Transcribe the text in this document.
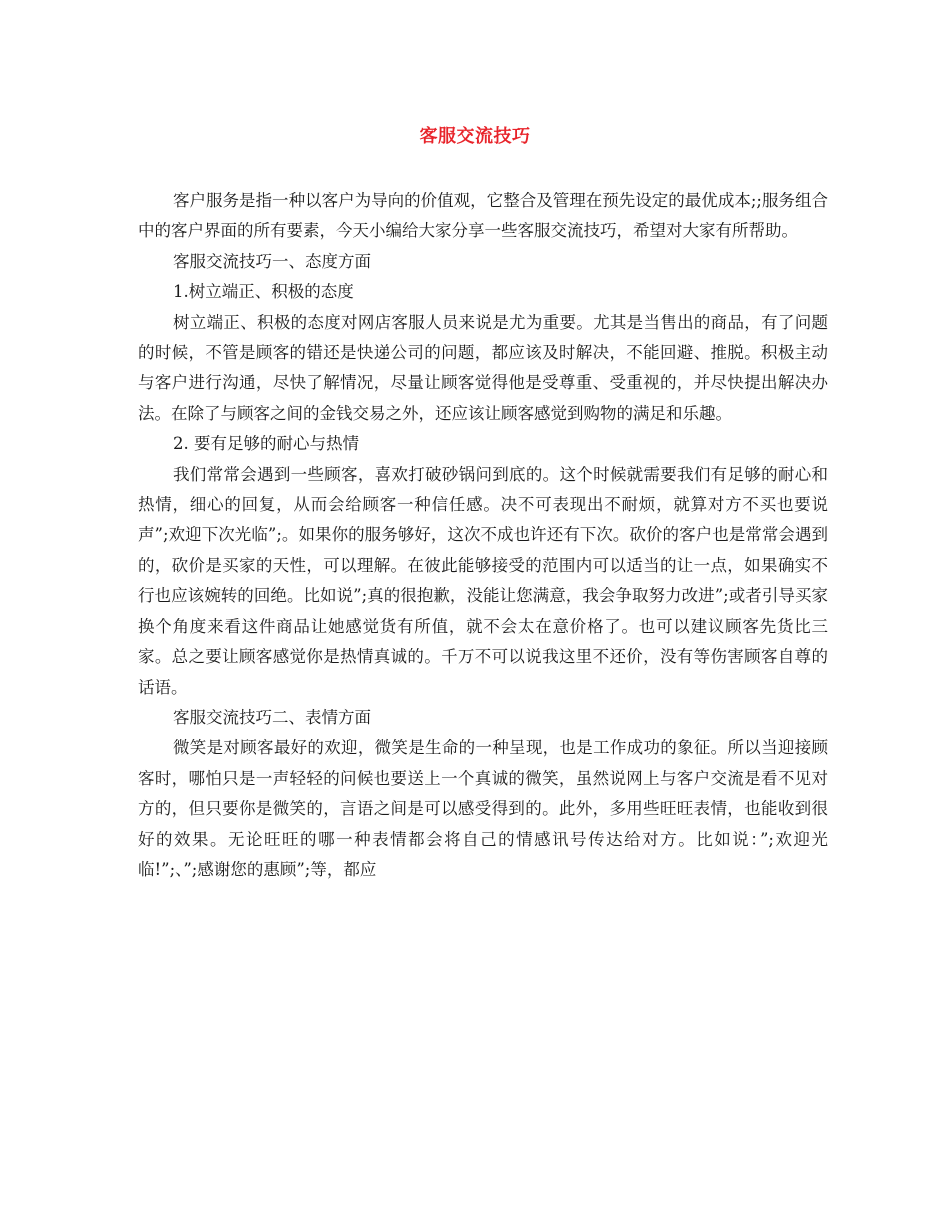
客服交流技巧

客户服务是指一种以客户为导向的价值观，它整合及管理在预先设定的最优成本;;服务组合中的客户界面的所有要素，今天小编给大家分享一些客服交流技巧，希望对大家有所帮助。

客服交流技巧一、态度方面

1.树立端正、积极的态度

树立端正、积极的态度对网店客服人员来说是尤为重要。尤其是当售出的商品，有了问题的时候，不管是顾客的错还是快递公司的问题，都应该及时解决，不能回避、推脱。积极主动与客户进行沟通，尽快了解情况，尽量让顾客觉得他是受尊重、受重视的，并尽快提出解决办法。在除了与顾客之间的金钱交易之外，还应该让顾客感觉到购物的满足和乐趣。

2. 要有足够的耐心与热情

我们常常会遇到一些顾客，喜欢打破砂锅问到底的。这个时候就需要我们有足够的耐心和热情，细心的回复，从而会给顾客一种信任感。决不可表现出不耐烦，就算对方不买也要说声”;欢迎下次光临”;。如果你的服务够好，这次不成也许还有下次。砍价的客户也是常常会遇到的，砍价是买家的天性，可以理解。在彼此能够接受的范围内可以适当的让一点，如果确实不行也应该婉转的回绝。比如说”;真的很抱歉，没能让您满意，我会争取努力改进”;或者引导买家换个角度来看这件商品让她感觉货有所值，就不会太在意价格了。也可以建议顾客先货比三家。总之要让顾客感觉你是热情真诚的。千万不可以说我这里不还价，没有等伤害顾客自尊的话语。

客服交流技巧二、表情方面

微笑是对顾客最好的欢迎，微笑是生命的一种呈现，也是工作成功的象征。所以当迎接顾客时，哪怕只是一声轻轻的问候也要送上一个真诚的微笑，虽然说网上与客户交流是看不见对方的，但只要你是微笑的，言语之间是可以感受得到的。此外，多用些旺旺表情，也能收到很好的效果。无论旺旺的哪一种表情都会将自己的情感讯号传达给对方。比如说：”;欢迎光临!”;、”;感谢您的惠顾”;等，都应
